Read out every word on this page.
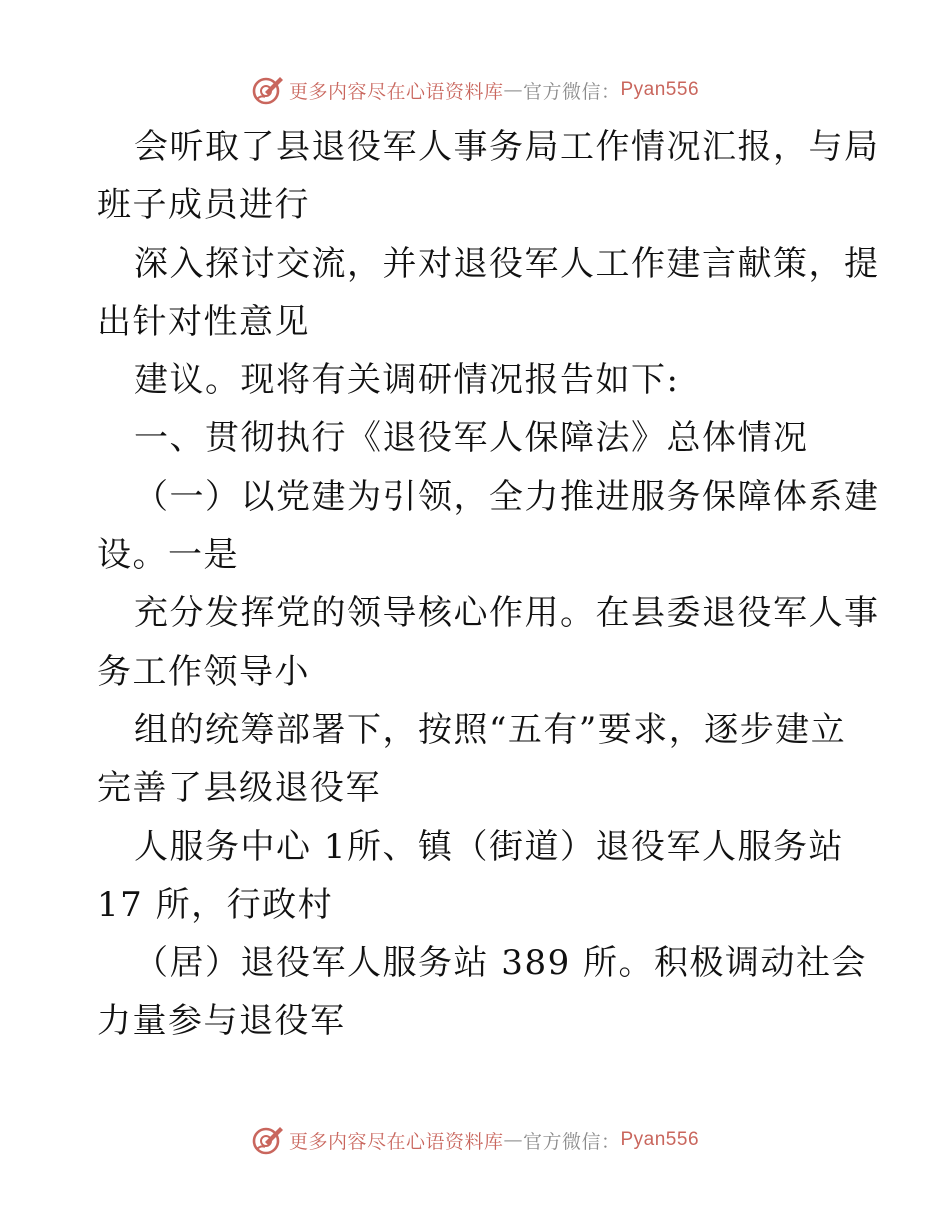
更多内容尽在心语资料库 — 官方微信： Pyan556
会听取了县退役军人事务局工作情况汇报，与局
班子成员进行
深入探讨交流，并对退役军人工作建言献策，提
出针对性意见
建议。现将有关调研情况报告如下:
一、贯彻执行《退役军人保障法》总体情况
（一）以党建为引领，全力推进服务保障体系建
设。一是
充分发挥党的领导核心作用。在县委退役军人事
务工作领导小
组的统筹部署下，按照“五有”要求，逐步建立
完善了县级退役军
人服务中心 1所、镇（街道）退役军人服务站
17 所，行政村
（居）退役军人服务站 389 所。积极调动社会
力量参与退役军
更多内容尽在心语资料库 — 官方微信： Pyan556
